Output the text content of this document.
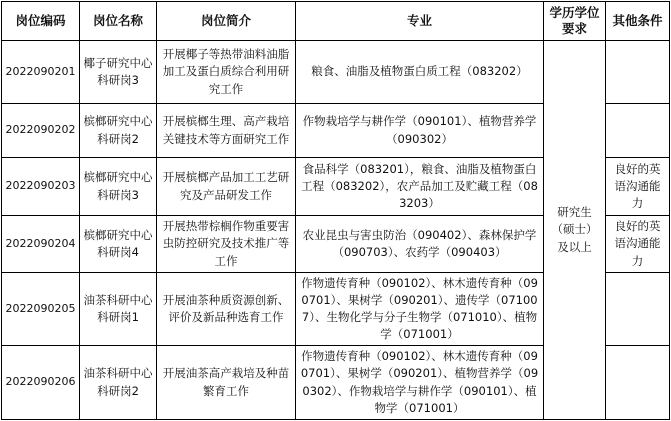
岗位编码	岗位名称	岗位简介	专业	学历学位要求	其他条件
2022090201	椰子研究中心科研岗3	开展椰子等热带油料油脂加工及蛋白质综合利用研究工作	粮食、油脂及植物蛋白质工程（083202）	研究生（硕士）及以上	
2022090202	槟榔研究中心科研岗2	开展槟榔生理、高产栽培关键技术等方面研究工作	作物栽培学与耕作学（090101）、植物营养学（090302）		
2022090203	槟榔研究中心科研岗3	开展槟榔产品加工工艺研究及产品研发工作	食品科学（083201），粮食、油脂及植物蛋白工程（083202），农产品加工及贮藏工程（083203）		良好的英语沟通能力
2022090204	槟榔研究中心科研岗4	开展热带棕榈作物重要害虫防控研究及技术推广等工作	农业昆虫与害虫防治（090402）、森林保护学（090703）、农药学（090403）		良好的英语沟通能力
2022090205	油茶科研中心科研岗1	开展油茶种质资源创新、评价及新品种选育工作	作物遗传育种（090102）、林木遗传育种（090701）、果树学（090201）、遗传学（071007）、生物化学与分子生物学（071010）、植物学（071001）		
2022090206	油茶科研中心科研岗2	开展油茶高产栽培及种苗繁育工作	作物遗传育种（090102）、林木遗传育种（090701）、果树学（090201）、植物营养学（090302）、作物栽培学与耕作学（090101）、植物学（071001）		
